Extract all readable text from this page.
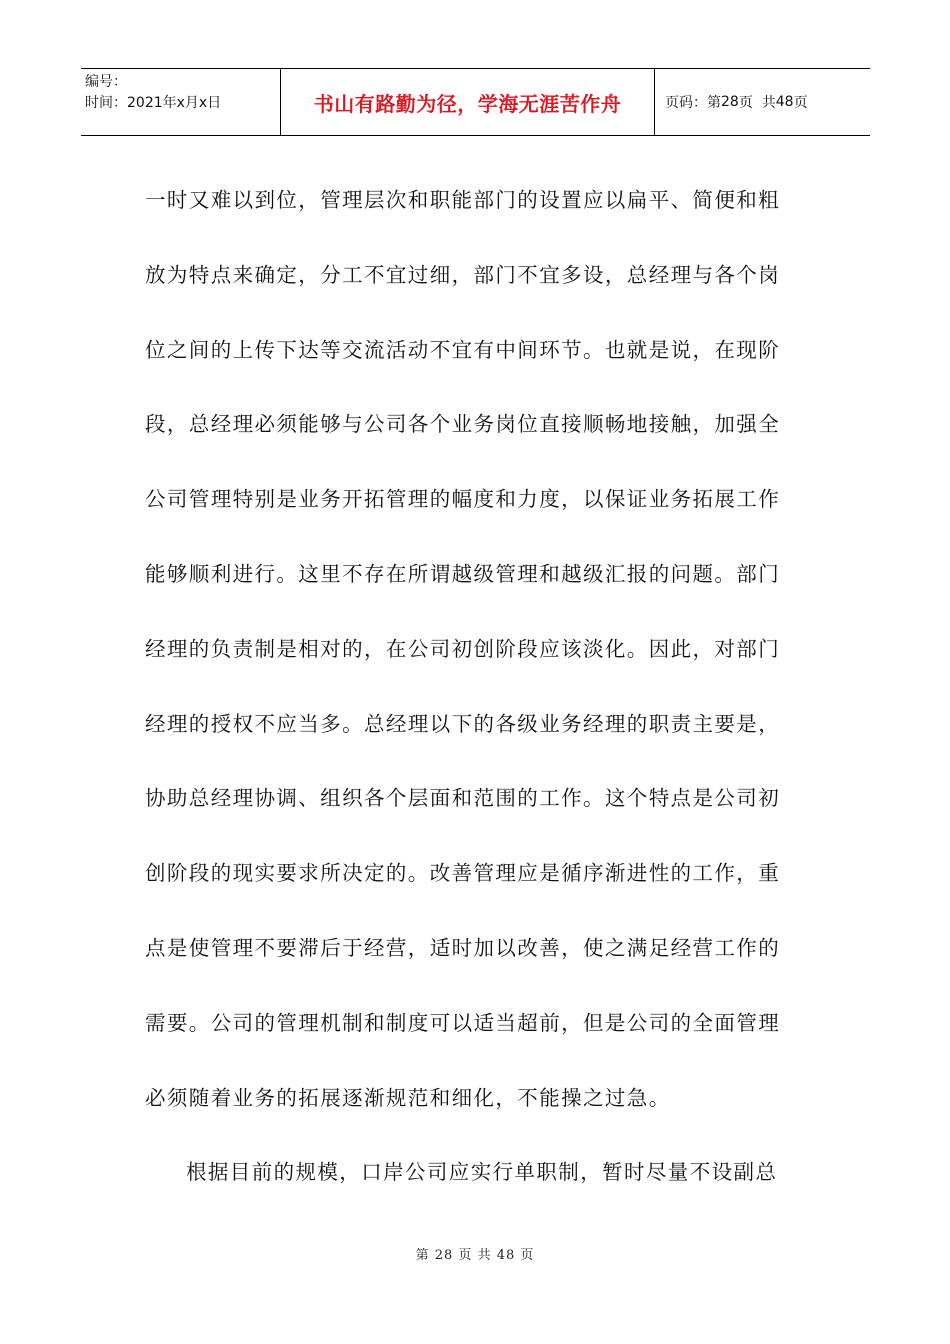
编号：
时间：2021年x月x日	书山有路勤为径，学海无涯苦作舟	页码：第 28 页  共 48 页

一时又难以到位，管理层次和职能部门的设置应以扁平、简便和粗

放为特点来确定，分工不宜过细，部门不宜多设，总经理与各个岗

位之间的上传下达等交流活动不宜有中间环节。也就是说，在现阶

段，总经理必须能够与公司各个业务岗位直接顺畅地接触，加强全

公司管理特别是业务开拓管理的幅度和力度，以保证业务拓展工作

能够顺利进行。这里不存在所谓越级管理和越级汇报的问题。部门

经理的负责制是相对的，在公司初创阶段应该淡化。因此，对部门

经理的授权不应当多。总经理以下的各级业务经理的职责主要是，

协助总经理协调、组织各个层面和范围的工作。这个特点是公司初

创阶段的现实要求所决定的。改善管理应是循序渐进性的工作，重

点是使管理不要滞后于经营，适时加以改善，使之满足经营工作的

需要。公司的管理机制和制度可以适当超前，但是公司的全面管理

必须随着业务的拓展逐渐规范和细化，不能操之过急。

根据目前的规模，口岸公司应实行单职制，暂时尽量不设副总

第 28 页 共 48 页
